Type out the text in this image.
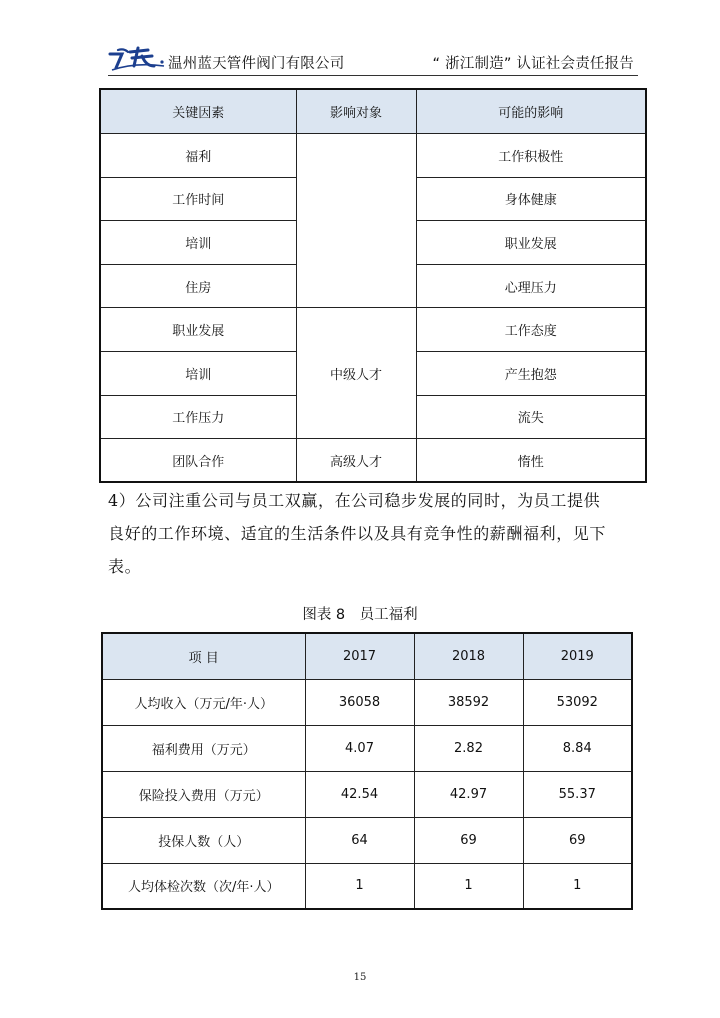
温州蓝天管件阀门有限公司	“ 浙江制造” 认证社会责任报告
关键因素	影响对象	可能的影响
福利		工作积极性
工作时间		身体健康
培训		职业发展
住房		心理压力
职业发展	中级人才	工作态度
培训		产生抱怨
工作压力		流失
团队合作	高级人才	惰性
4）公司注重公司与员工双赢，在公司稳步发展的同时，为员工提供
良好的工作环境、适宜的生活条件以及具有竞争性的薪酬福利，见下
表。
图表 8　员工福利
项 目	2017	2018	2019
人均收入（万元/年·人）	36058	38592	53092
福利费用（万元）	4.07	2.82	8.84
保险投入费用（万元）	42.54	42.97	55.37
投保人数（人）	64	69	69
人均体检次数（次/年·人）	1	1	1
15
